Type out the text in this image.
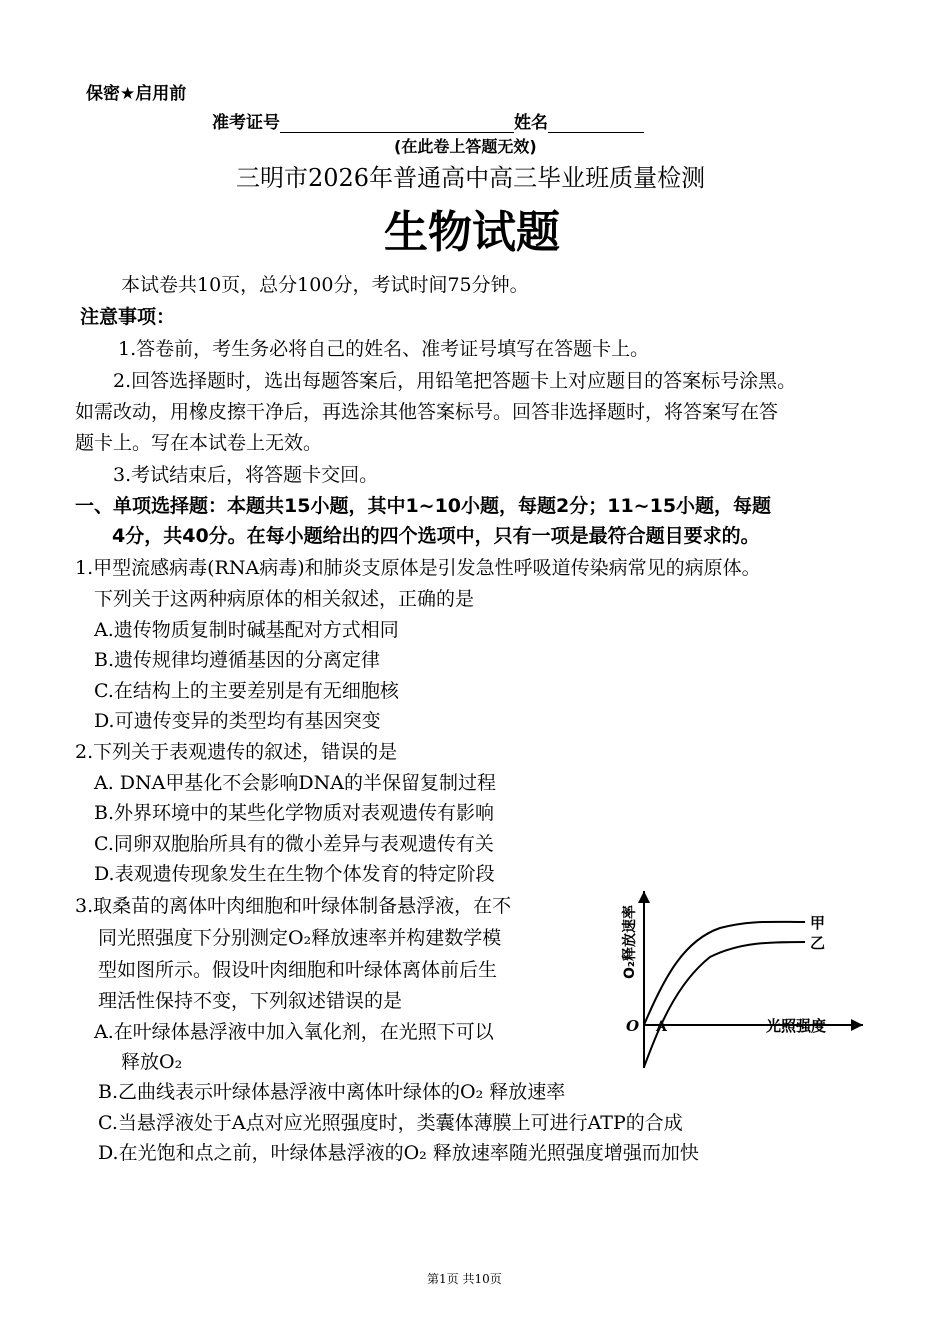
保密★启用前
准考证号	姓名
(在此卷上答题无效)
三明市2026年普通高中高三毕业班质量检测
生物试题
本试卷共10页，总分100分，考试时间75分钟。
注意事项：
1.答卷前，考生务必将自己的姓名、准考证号填写在答题卡上。
2.回答选择题时，选出每题答案后，用铅笔把答题卡上对应题目的答案标号涂黑。
如需改动，用橡皮擦干净后，再选涂其他答案标号。回答非选择题时，将答案写在答
题卡上。写在本试卷上无效。
3.考试结束后，将答题卡交回。
一、单项选择题：本题共15小题，其中1~10小题，每题2分；11~15小题，每题
4分，共40分。在每小题给出的四个选项中，只有一项是最符合题目要求的。
1.甲型流感病毒(RNA病毒)和肺炎支原体是引发急性呼吸道传染病常见的病原体。
下列关于这两种病原体的相关叙述，正确的是
A.遗传物质复制时碱基配对方式相同
B.遗传规律均遵循基因的分离定律
C.在结构上的主要差别是有无细胞核
D.可遗传变异的类型均有基因突变
2.下列关于表观遗传的叙述，错误的是
A. DNA甲基化不会影响DNA的半保留复制过程
B.外界环境中的某些化学物质对表观遗传有影响
C.同卵双胞胎所具有的微小差异与表观遗传有关
D.表观遗传现象发生在生物个体发育的特定阶段
3.取桑苗的离体叶肉细胞和叶绿体制备悬浮液，在不
同光照强度下分别测定O₂释放速率并构建数学模
型如图所示。假设叶肉细胞和叶绿体离体前后生
理活性保持不变，下列叙述错误的是
A.在叶绿体悬浮液中加入氧化剂，在光照下可以
释放O₂
B.乙曲线表示叶绿体悬浮液中离体叶绿体的O₂ 释放速率
C.当悬浮液处于A点对应光照强度时，类囊体薄膜上可进行ATP的合成
D.在光饱和点之前，叶绿体悬浮液的O₂ 释放速率随光照强度增强而加快
甲
乙
O A	光照强度
O₂释放速率
第1页 共10页
